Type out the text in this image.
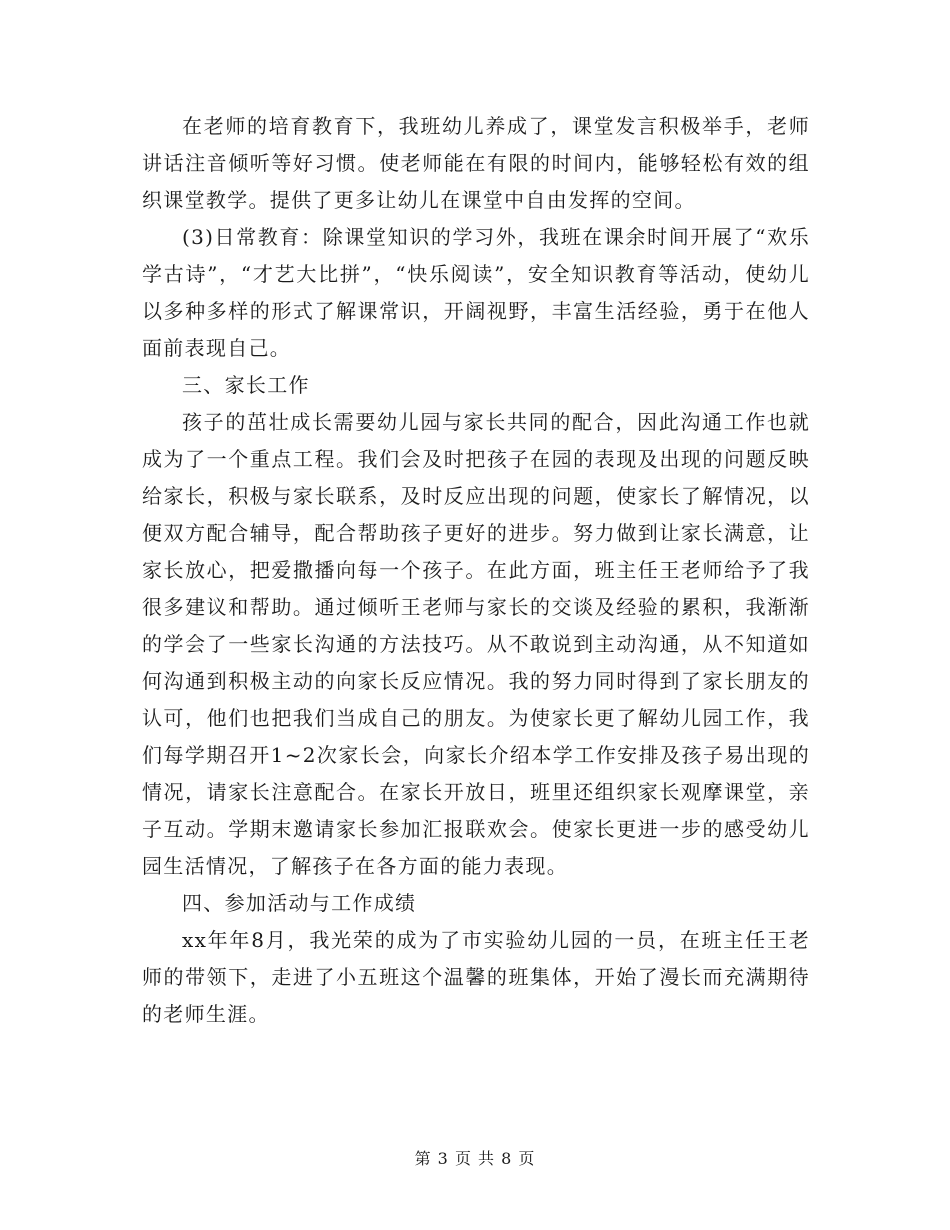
在老师的培育教育下，我班幼儿养成了，课堂发言积极举手，老师讲话注音倾听等好习惯。使老师能在有限的时间内，能够轻松有效的组织课堂教学。提供了更多让幼儿在课堂中自由发挥的空间。

(3)日常教育：除课堂知识的学习外，我班在课余时间开展了“欢乐学古诗”，“才艺大比拼”，“快乐阅读”，安全知识教育等活动，使幼儿以多种多样的形式了解课常识，开阔视野，丰富生活经验，勇于在他人面前表现自己。

三、家长工作

孩子的茁壮成长需要幼儿园与家长共同的配合，因此沟通工作也就成为了一个重点工程。我们会及时把孩子在园的表现及出现的问题反映给家长，积极与家长联系，及时反应出现的问题，使家长了解情况，以便双方配合辅导，配合帮助孩子更好的进步。努力做到让家长满意，让家长放心，把爱撒播向每一个孩子。在此方面，班主任王老师给予了我很多建议和帮助。通过倾听王老师与家长的交谈及经验的累积，我渐渐的学会了一些家长沟通的方法技巧。从不敢说到主动沟通，从不知道如何沟通到积极主动的向家长反应情况。我的努力同时得到了家长朋友的认可，他们也把我们当成自己的朋友。为使家长更了解幼儿园工作，我们每学期召开1~2次家长会，向家长介绍本学工作安排及孩子易出现的情况，请家长注意配合。在家长开放日，班里还组织家长观摩课堂，亲子互动。学期末邀请家长参加汇报联欢会。使家长更进一步的感受幼儿园生活情况，了解孩子在各方面的能力表现。

四、参加活动与工作成绩

xx年年8月，我光荣的成为了市实验幼儿园的一员，在班主任王老师的带领下，走进了小五班这个温馨的班集体，开始了漫长而充满期待的老师生涯。

第 3 页 共 8 页
